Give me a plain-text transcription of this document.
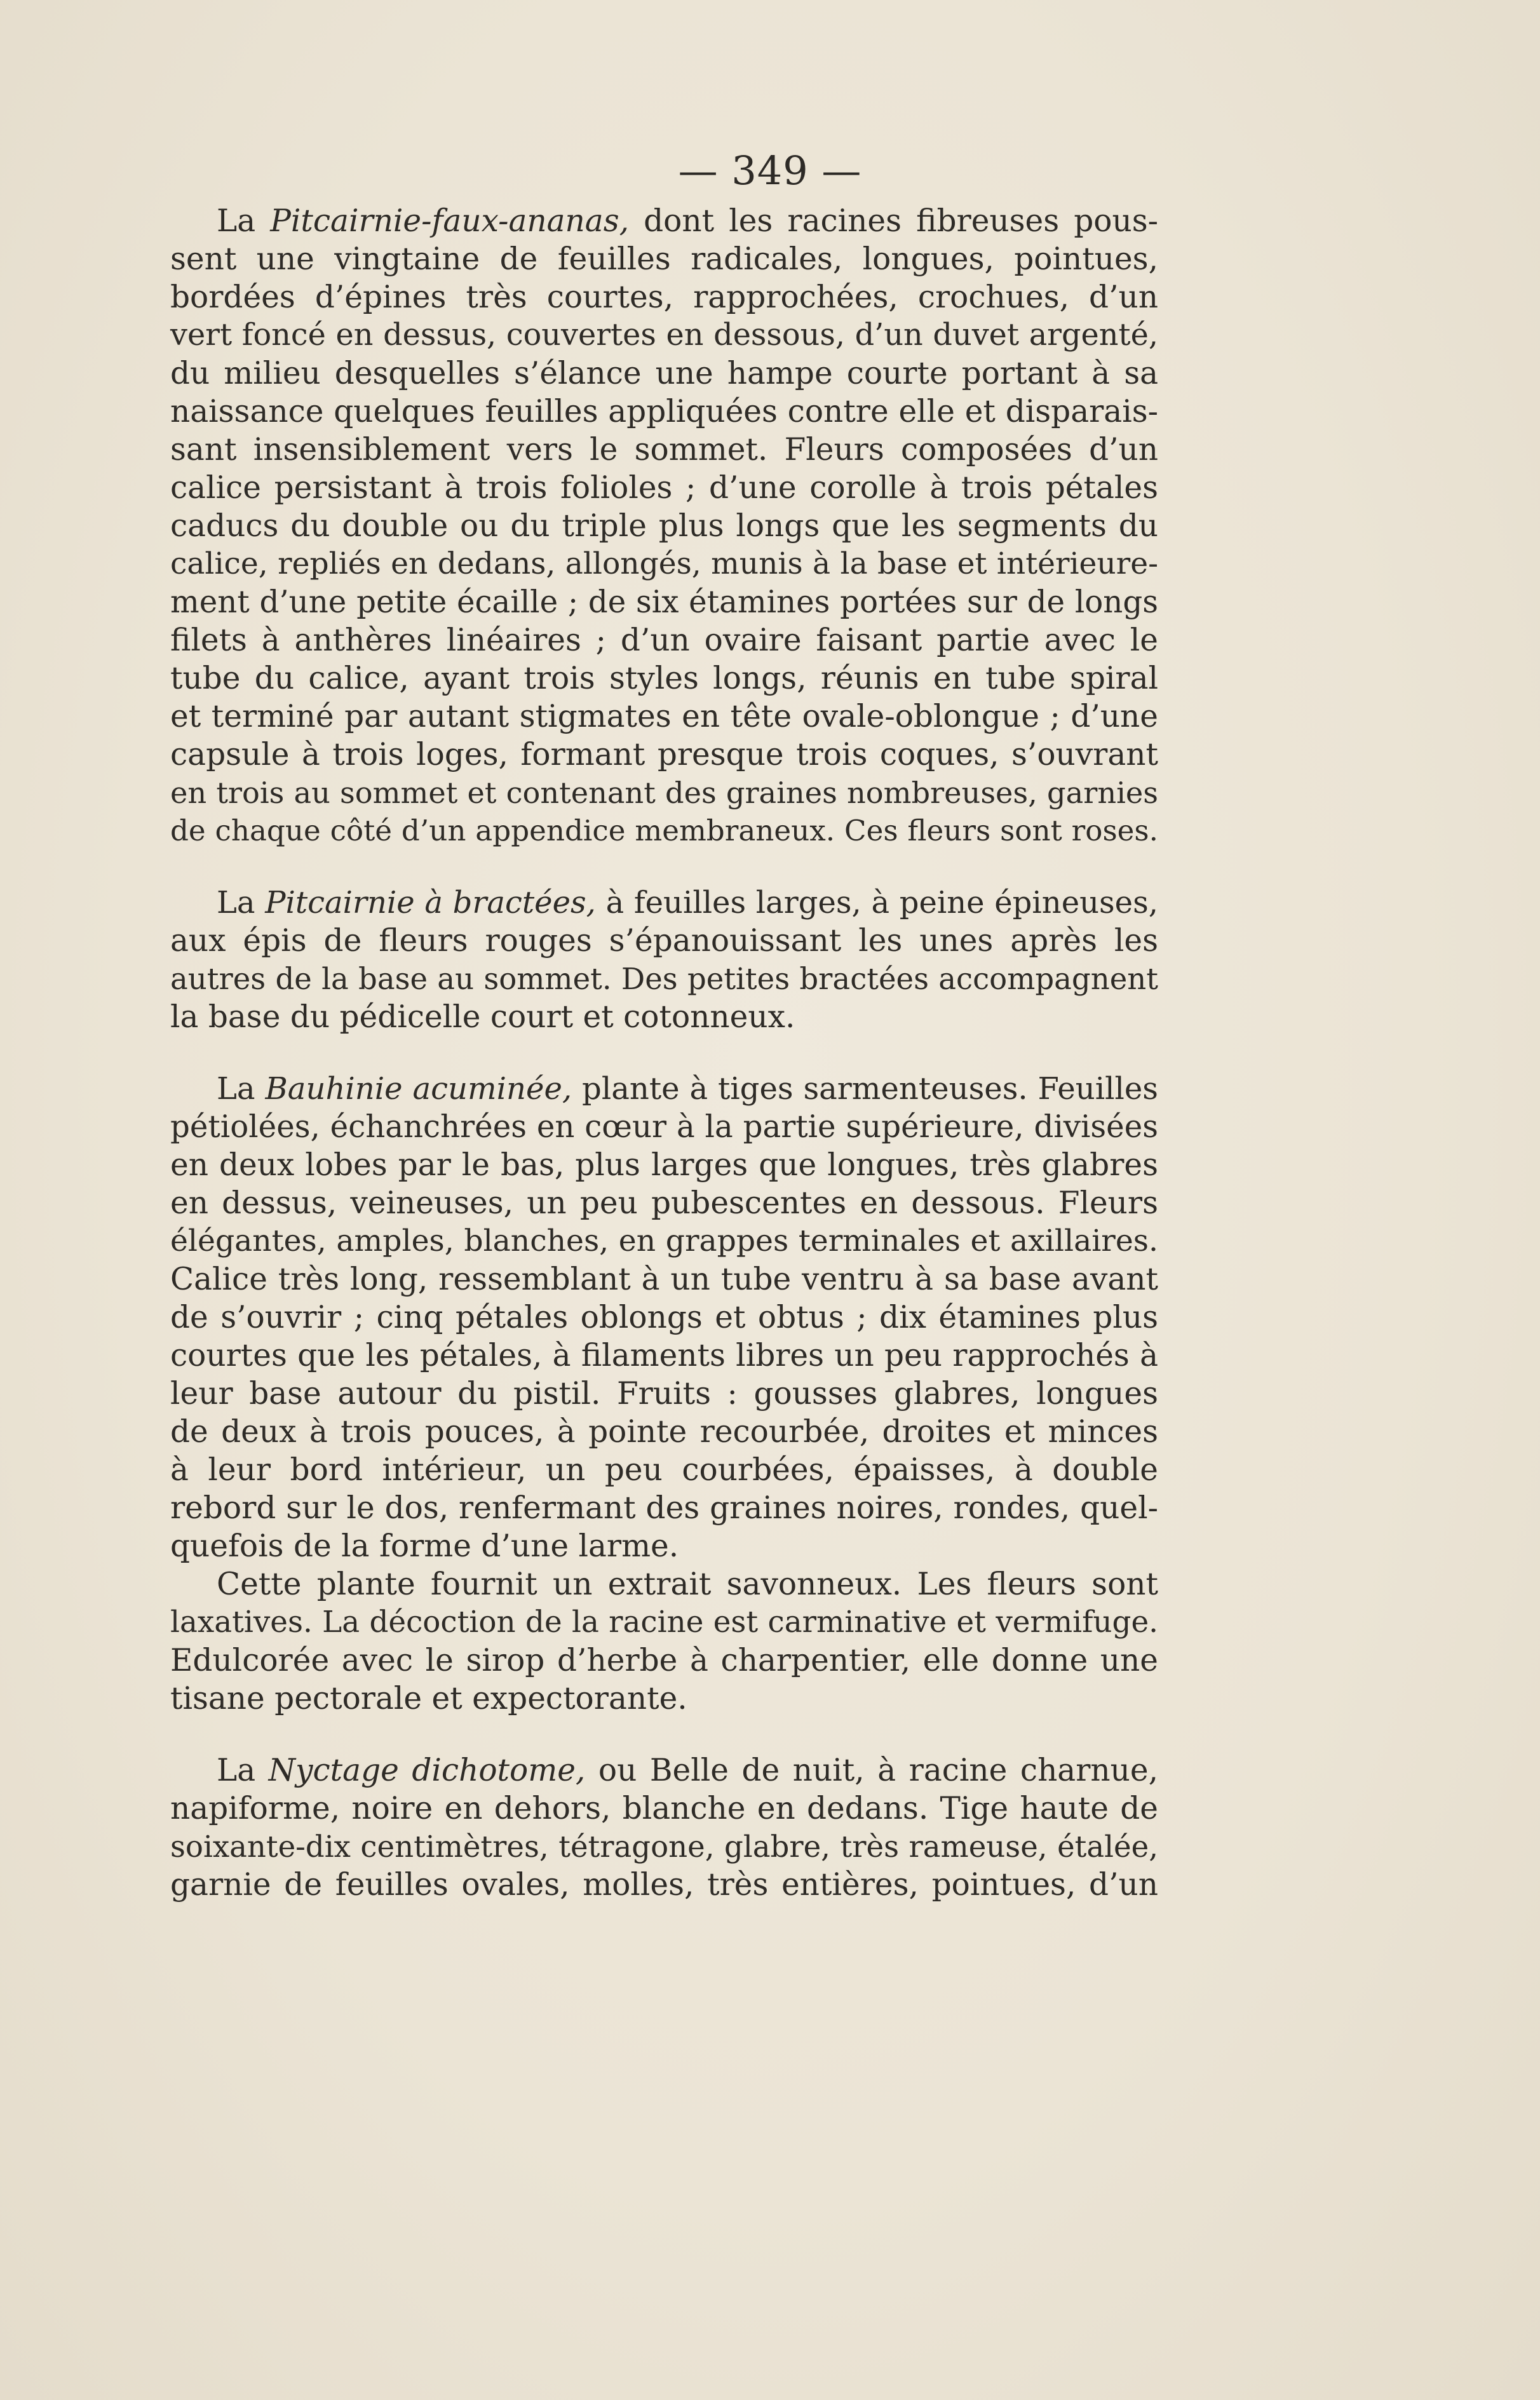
— 349 —
La Pitcairnie-faux-ananas, dont les racines fibreuses pous-
sent une vingtaine de feuilles radicales, longues, pointues,
bordées d’épines très courtes, rapprochées, crochues, d’un
vert foncé en dessus, couvertes en dessous, d’un duvet argenté,
du milieu desquelles s’élance une hampe courte portant à sa
naissance quelques feuilles appliquées contre elle et disparais-
sant insensiblement vers le sommet. Fleurs composées d’un
calice persistant à trois folioles ; d’une corolle à trois pétales
caducs du double ou du triple plus longs que les segments du
calice, repliés en dedans, allongés, munis à la base et intérieure-
ment d’une petite écaille ; de six étamines portées sur de longs
filets à anthères linéaires ; d’un ovaire faisant partie avec le
tube du calice, ayant trois styles longs, réunis en tube spiral
et terminé par autant stigmates en tête ovale-oblongue ; d’une
capsule à trois loges, formant presque trois coques, s’ouvrant
en trois au sommet et contenant des graines nombreuses, garnies
de chaque côté d’un appendice membraneux. Ces fleurs sont roses.
La Pitcairnie à bractées, à feuilles larges, à peine épineuses,
aux épis de fleurs rouges s’épanouissant les unes après les
autres de la base au sommet. Des petites bractées accompagnent
la base du pédicelle court et cotonneux.
La Bauhinie acuminée, plante à tiges sarmenteuses. Feuilles
pétiolées, échanchrées en cœur à la partie supérieure, divisées
en deux lobes par le bas, plus larges que longues, très glabres
en dessus, veineuses, un peu pubescentes en dessous. Fleurs
élégantes, amples, blanches, en grappes terminales et axillaires.
Calice très long, ressemblant à un tube ventru à sa base avant
de s’ouvrir ; cinq pétales oblongs et obtus ; dix étamines plus
courtes que les pétales, à filaments libres un peu rapprochés à
leur base autour du pistil. Fruits : gousses glabres, longues
de deux à trois pouces, à pointe recourbée, droites et minces
à leur bord intérieur, un peu courbées, épaisses, à double
rebord sur le dos, renfermant des graines noires, rondes, quel-
quefois de la forme d’une larme.
Cette plante fournit un extrait savonneux. Les fleurs sont
laxatives. La décoction de la racine est carminative et vermifuge.
Edulcorée avec le sirop d’herbe à charpentier, elle donne une
tisane pectorale et expectorante.
La Nyctage dichotome, ou Belle de nuit, à racine charnue,
napiforme, noire en dehors, blanche en dedans. Tige haute de
soixante-dix centimètres, tétragone, glabre, très rameuse, étalée,
garnie de feuilles ovales, molles, très entières, pointues, d’un
